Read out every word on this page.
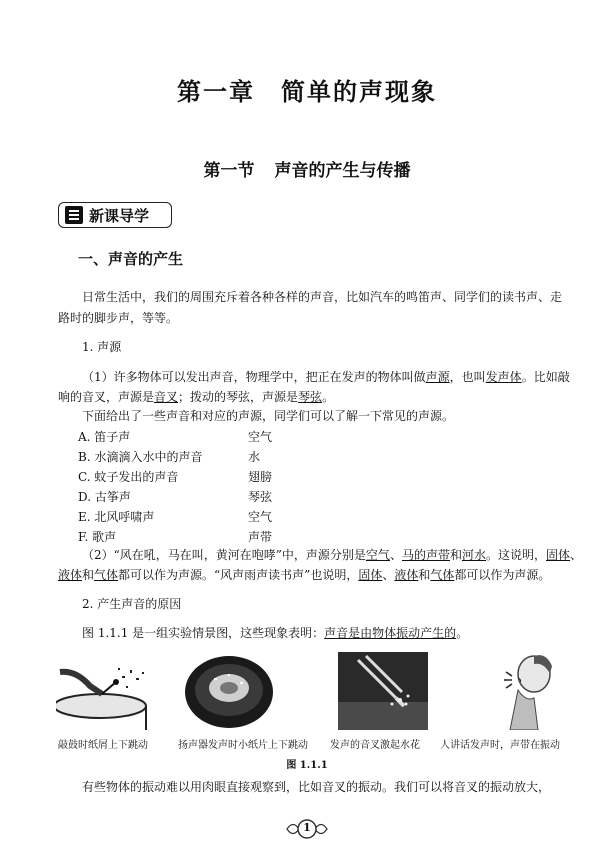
第一章 简单的声现象
第一节 声音的产生与传播
新课导学
一、声音的产生
日常生活中，我们的周围充斥着各种各样的声音，比如汽车的鸣笛声、同学们的读书声、走
路时的脚步声，等等。
1. 声源
（1）许多物体可以发出声音，物理学中，把正在发声的物体叫做声源，也叫发声体。比如敲
响的音叉，声源是音叉；拨动的琴弦，声源是琴弦。
下面给出了一些声音和对应的声源，同学们可以了解一下常见的声源。
A. 笛子声	空气
B. 水滴滴入水中的声音	水
C. 蚊子发出的声音	翅膀
D. 古筝声	琴弦
E. 北风呼啸声	空气
F. 歌声	声带
（2）“风在吼，马在叫，黄河在咆哮”中，声源分别是空气、马的声带和河水。这说明，固体、
液体和气体都可以作为声源。“风声雨声读书声”也说明，固体、液体和气体都可以作为声源。
2. 产生声音的原因
图 1.1.1 是一组实验情景图，这些现象表明：声音是由物体振动产生的。
敲鼓时纸屑上下跳动	扬声器发声时小纸片上下跳动 发声的音叉激起水花 人讲话发声时，声带在振动
图 1.1.1
有些物体的振动难以用肉眼直接观察到，比如音叉的振动。我们可以将音叉的振动放大，
1
